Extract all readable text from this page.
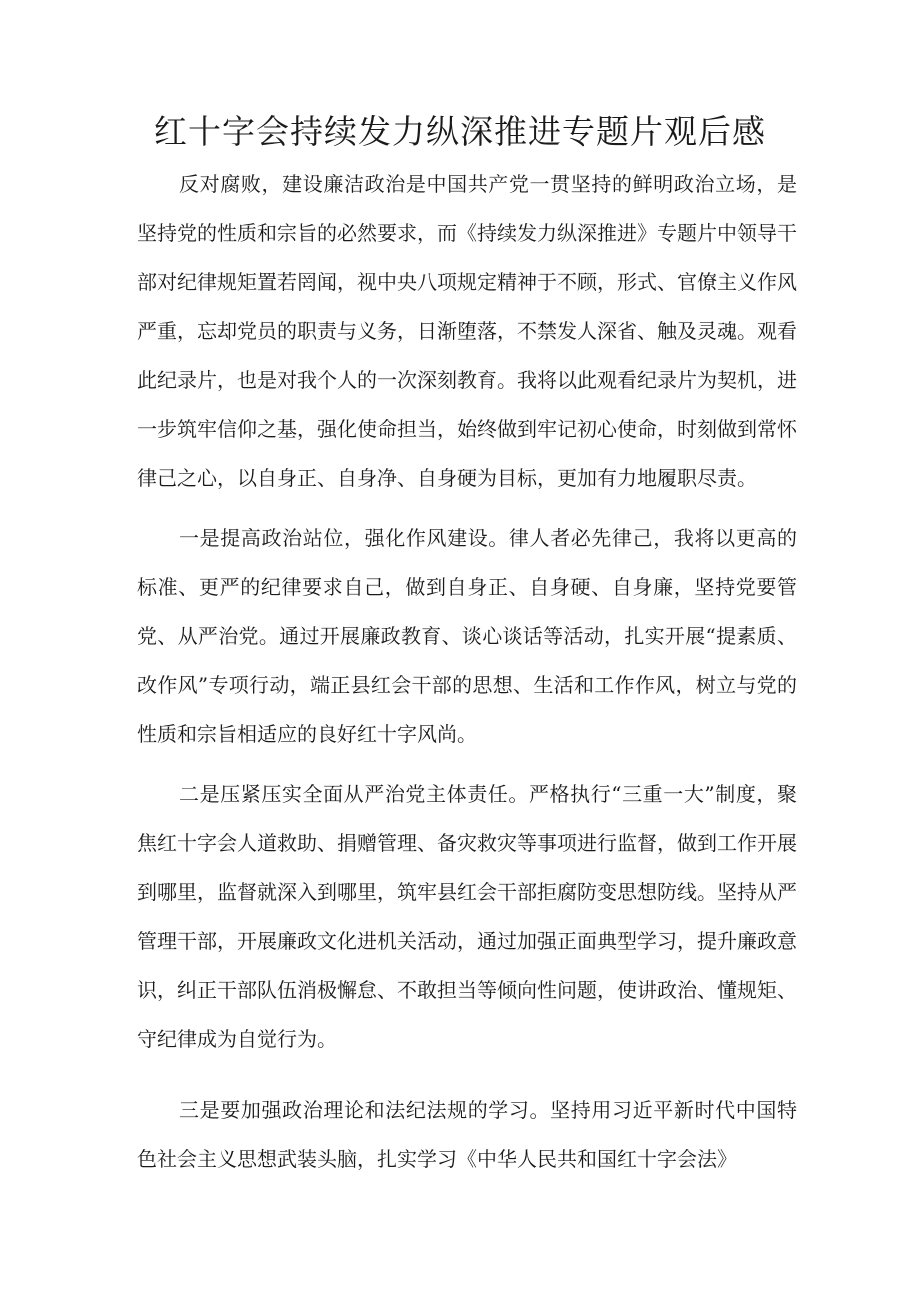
红十字会持续发力纵深推进专题片观后感

反对腐败，建设廉洁政治是中国共产党一贯坚持的鲜明政治立场，是坚持党的性质和宗旨的必然要求，而《持续发力纵深推进》专题片中领导干部对纪律规矩置若罔闻，视中央八项规定精神于不顾，形式、官僚主义作风严重，忘却党员的职责与义务，日渐堕落，不禁发人深省、触及灵魂。观看此纪录片，也是对我个人的一次深刻教育。我将以此观看纪录片为契机，进一步筑牢信仰之基，强化使命担当，始终做到牢记初心使命，时刻做到常怀律己之心，以自身正、自身净、自身硬为目标，更加有力地履职尽责。

一是提高政治站位，强化作风建设。律人者必先律己，我将以更高的标准、更严的纪律要求自己，做到自身正、自身硬、自身廉，坚持党要管党、从严治党。通过开展廉政教育、谈心谈话等活动，扎实开展“提素质、改作风”专项行动，端正县红会干部的思想、生活和工作作风，树立与党的性质和宗旨相适应的良好红十字风尚。

二是压紧压实全面从严治党主体责任。严格执行“三重一大”制度，聚焦红十字会人道救助、捐赠管理、备灾救灾等事项进行监督，做到工作开展到哪里，监督就深入到哪里，筑牢县红会干部拒腐防变思想防线。坚持从严管理干部，开展廉政文化进机关活动，通过加强正面典型学习，提升廉政意识，纠正干部队伍消极懈怠、不敢担当等倾向性问题，使讲政治、懂规矩、守纪律成为自觉行为。

三是要加强政治理论和法纪法规的学习。坚持用习近平新时代中国特色社会主义思想武装头脑，扎实学习《中华人民共和国红十字会法》
